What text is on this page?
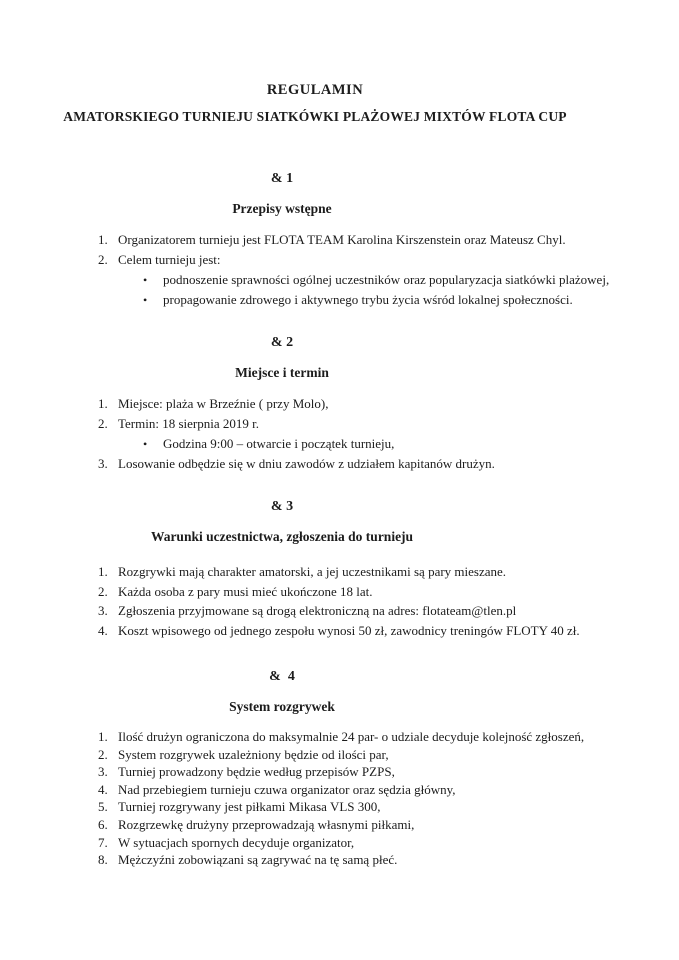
REGULAMIN
AMATORSKIEGO TURNIEJU SIATKÓWKI PLAŻOWEJ MIXTÓW FLOTA CUP
& 1
Przepisy wstępne
1. Organizatorem turnieju jest FLOTA TEAM Karolina Kirszenstein oraz Mateusz Chyl.
2. Celem turnieju jest:
•	podnoszenie sprawności ogólnej uczestników oraz popularyzacja siatkówki plażowej,
•	propagowanie zdrowego i aktywnego trybu życia wśród lokalnej społeczności.
& 2
Miejsce i termin
1. Miejsce: plaża w Brzeźnie ( przy Molo),
2. Termin: 18 sierpnia 2019 r.
•	Godzina 9:00 – otwarcie i początek turnieju,
3. Losowanie odbędzie się w dniu zawodów z udziałem kapitanów drużyn.
& 3
Warunki uczestnictwa, zgłoszenia do turnieju
1. Rozgrywki mają charakter amatorski, a jej uczestnikami są pary mieszane.
2. Każda osoba z pary musi mieć ukończone 18 lat.
3. Zgłoszenia przyjmowane są drogą elektroniczną na adres: flotateam@tlen.pl
4. Koszt wpisowego od jednego zespołu wynosi 50 zł, zawodnicy treningów FLOTY 40 zł.
&  4
System rozgrywek
1. Ilość drużyn ograniczona do maksymalnie 24 par- o udziale decyduje kolejność zgłoszeń,
2. System rozgrywek uzależniony będzie od ilości par,
3. Turniej prowadzony będzie według przepisów PZPS,
4. Nad przebiegiem turnieju czuwa organizator oraz sędzia główny,
5. Turniej rozgrywany jest piłkami Mikasa VLS 300,
6. Rozgrzewkę drużyny przeprowadzają własnymi piłkami,
7. W sytuacjach spornych decyduje organizator,
8. Mężczyźni zobowiązani są zagrywać na tę samą płeć.
